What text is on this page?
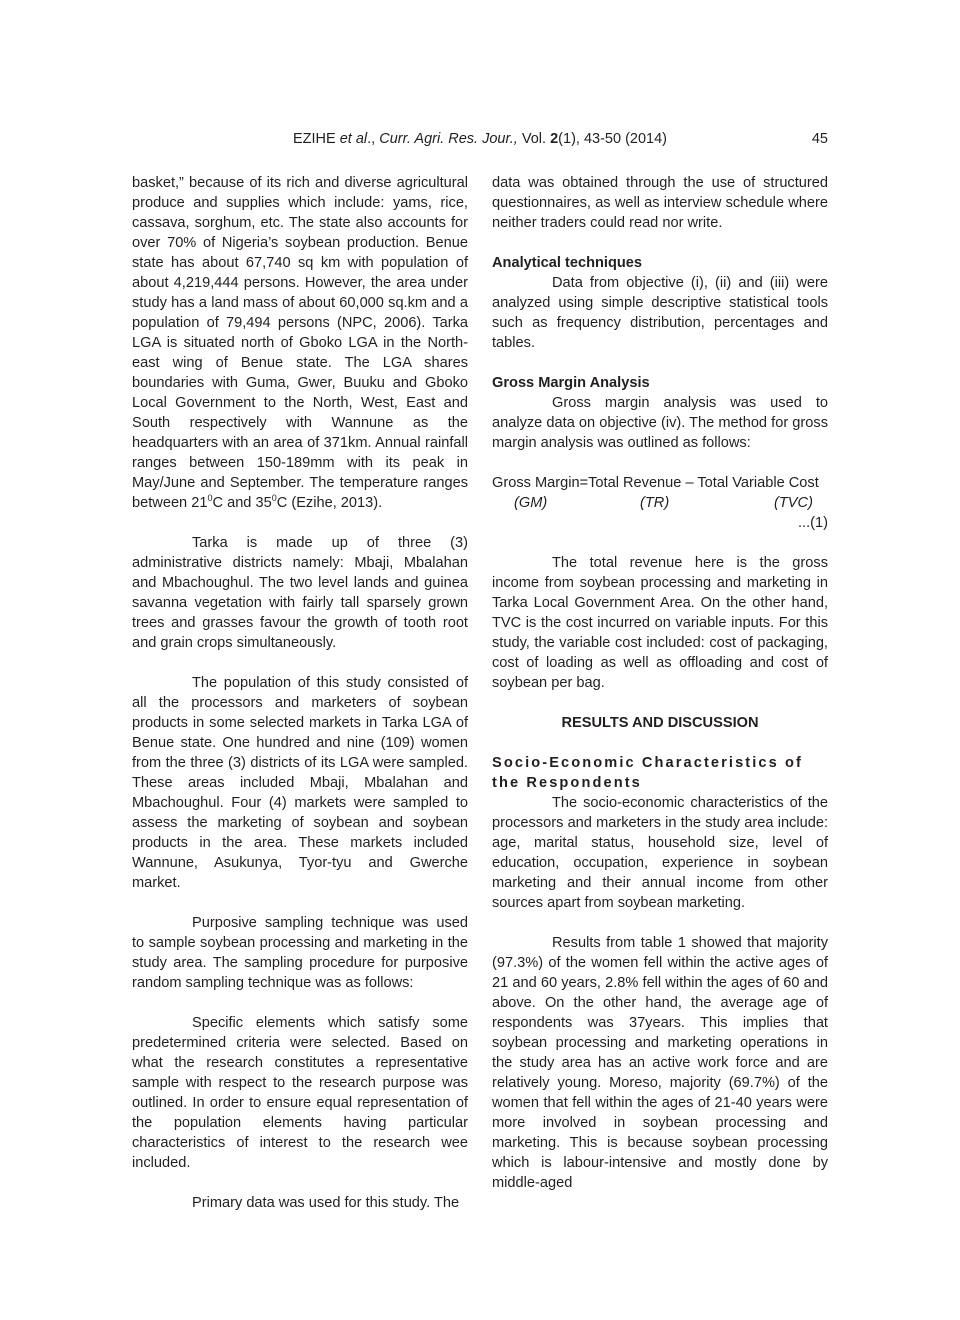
EZIHE et al., Curr. Agri. Res. Jour., Vol. 2(1), 43-50 (2014)	45

basket,” because of its rich and diverse agricultural produce and supplies which include: yams, rice, cassava, sorghum, etc. The state also accounts for over 70% of Nigeria’s soybean production. Benue state has about 67,740 sq km with population of about 4,219,444 persons. However, the area under study has a land mass of about 60,000 sq.km and a population of 79,494 persons (NPC, 2006). Tarka LGA is situated north of Gboko LGA in the North-east wing of Benue state. The LGA shares boundaries with Guma, Gwer, Buuku and Gboko Local Government to the North, West, East and South respectively with Wannune as the headquarters with an area of 371km. Annual rainfall ranges between 150-189mm with its peak in May/June and September. The temperature ranges between $21^0C$ and $35^0C$ (Ezihe, 2013).

Tarka is made up of three (3) administrative districts namely: Mbaji, Mbalahan and Mbachoughul. The two level lands and guinea savanna vegetation with fairly tall sparsely grown trees and grasses favour the growth of tooth root and grain crops simultaneously.

The population of this study consisted of all the processors and marketers of soybean products in some selected markets in Tarka LGA of Benue state. One hundred and nine (109) women from the three (3) districts of its LGA were sampled. These areas included Mbaji, Mbalahan and Mbachoughul. Four (4) markets were sampled to assess the marketing of soybean and soybean products in the area. These markets included Wannune, Asukunya, Tyor-tyu and Gwerche market.

Purposive sampling technique was used to sample soybean processing and marketing in the study area. The sampling procedure for purposive random sampling technique was as follows:

Specific elements which satisfy some predetermined criteria were selected. Based on what the research constitutes a representative sample with respect to the research purpose was outlined. In order to ensure equal representation of the population elements having particular characteristics of interest to the research wee included.

Primary data was used for this study. The

data was obtained through the use of structured questionnaires, as well as interview schedule where neither traders could read nor write.

Analytical techniques

Data from objective (i), (ii) and (iii) were analyzed using simple descriptive statistical tools such as frequency distribution, percentages and tables.

Gross Margin Analysis

Gross margin analysis was used to analyze data on objective (iv). The method for gross margin analysis was outlined as follows:

Gross Margin=Total Revenue – Total Variable Cost
(GM)	(TR)	(TVC)
...(1)

The total revenue here is the gross income from soybean processing and marketing in Tarka Local Government Area. On the other hand, TVC is the cost incurred on variable inputs. For this study, the variable cost included: cost of packaging, cost of loading as well as offloading and cost of soybean per bag.

RESULTS AND DISCUSSION
Socio-Economic Characteristics of the Respondents

The socio-economic characteristics of the processors and marketers in the study area include: age, marital status, household size, level of education, occupation, experience in soybean marketing and their annual income from other sources apart from soybean marketing.

Results from table 1 showed that majority (97.3%) of the women fell within the active ages of 21 and 60 years, 2.8% fell within the ages of 60 and above. On the other hand, the average age of respondents was 37years. This implies that soybean processing and marketing operations in the study area has an active work force and are relatively young. Moreso, majority (69.7%) of the women that fell within the ages of 21-40 years were more involved in soybean processing and marketing. This is because soybean processing which is labour-intensive and mostly done by middle-aged
